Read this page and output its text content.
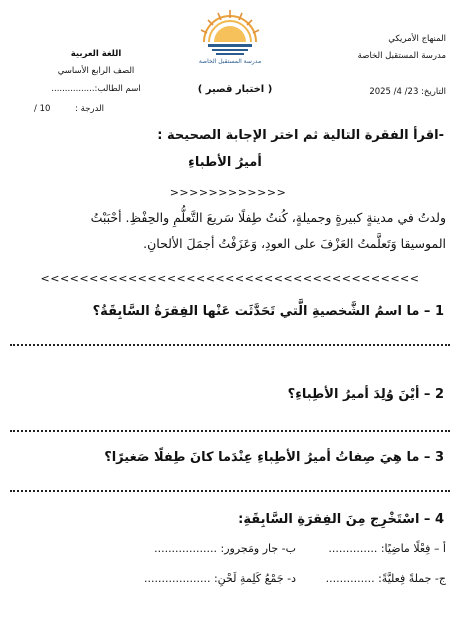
المنهاج الأمريكي
مدرسة المستقبل الخاصة
التاريخ: 23/ 4/ 2025
مدرسة المستقبل الخاصة
اللغة العربية
الصف الرابع الأساسي
اسم الطالب:................	( اختبار قصير )
الدرجة :
/ 10
-اقرأ الفقرة التالية ثم اختر الإجابة الصحيحة :
أميرُ الأطباءِ
>>>>>>>>>>>>
ولدتُ في مدينةٍ كبيرةٍ وجميلةٍ، كُنتُ طِفلًا سَريعَ التَّعلُّمِ والحِفْظِ. أحْبَبْتُ
الموسيقا وَتَعلَّمتُ العَزْفَ على العودِ، وَعَزَفْتُ أجمَلَ الألحانِ.
<<<<<<<<<<<<<<<<<<<<<<<<<<<<<<<<<<<<<<<
1 – ما اسمُ الشَّخصيةِ الَّتي تَحَدَّثَت عَنْها الفِقرَةُ السَّابِقَةُ؟
2 – أيْنَ وُلِدَ أميرُ الأطِباءِ؟
3 – ما هِيَ صِفاتُ أميرُ الأطِباءِ عِنْدَما كانَ طِفلًا صَغيرًا؟
4 – اسْتَخْرِج مِنَ الفِقرَةِ السَّابِقَةِ:
أ – فِعْلًا ماضِيًا: ..............
ب- جار ومَجرور: ..................
ج- جملةً فِعليَّةً: ..............
د- جَمْعُ كَلِمةِ لَحْنِ: ...................
